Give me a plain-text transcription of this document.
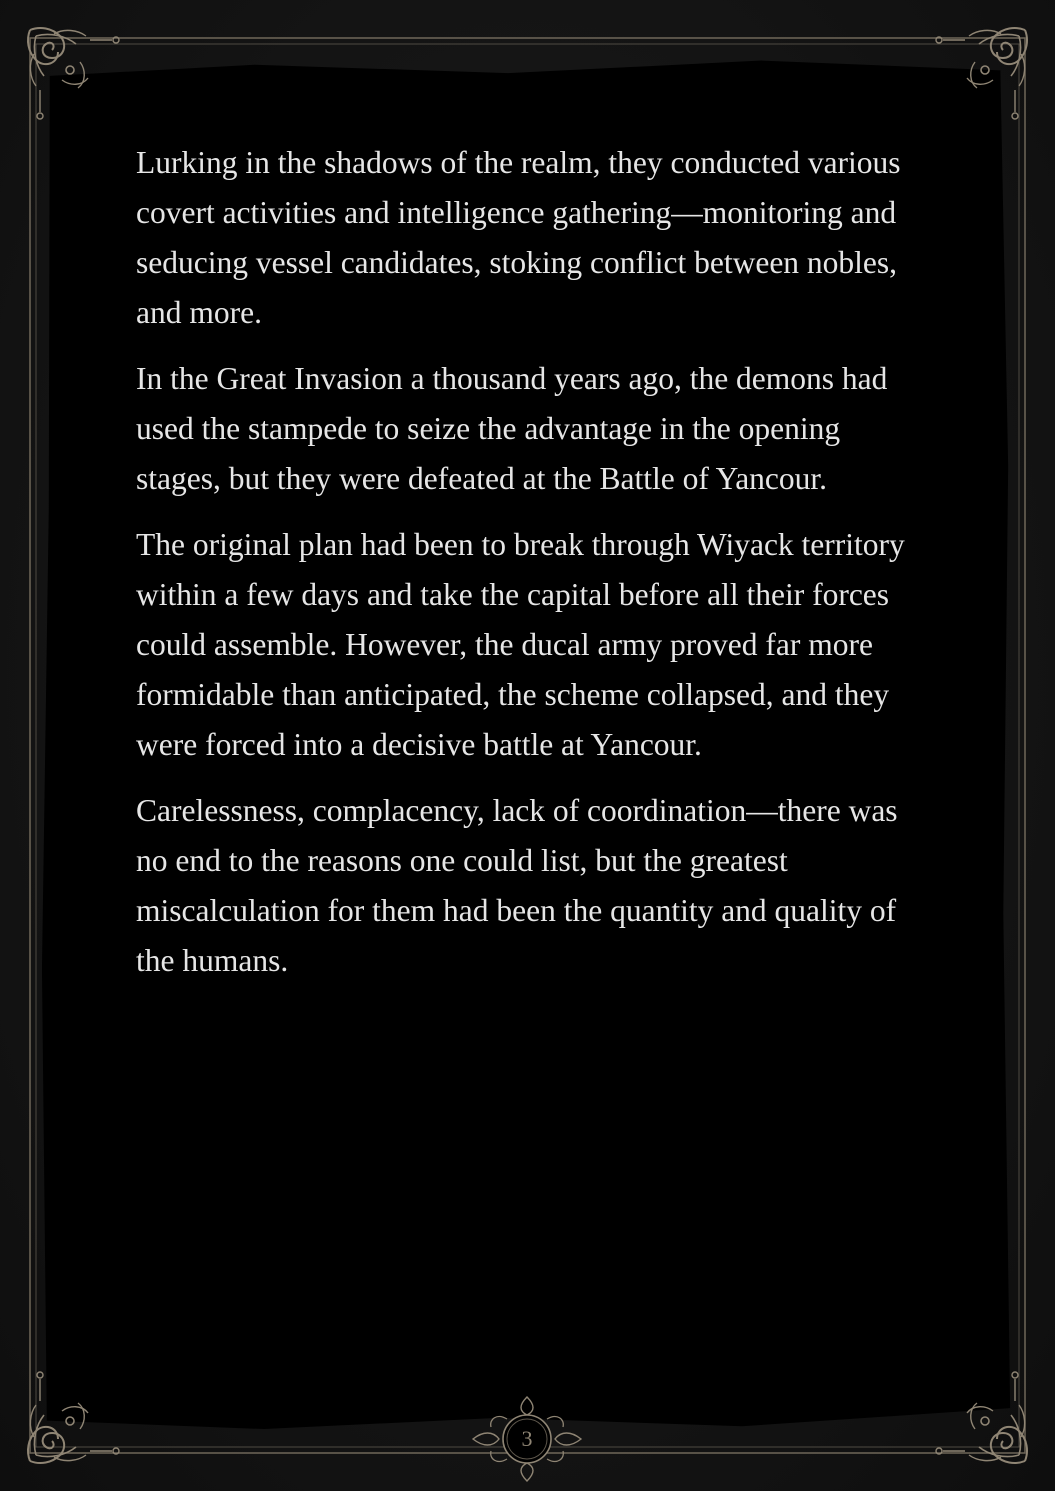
Lurking in the shadows of the realm, they conducted various covert activities and intelligence gathering—monitoring and seducing vessel candidates, stoking conflict between nobles, and more.

In the Great Invasion a thousand years ago, the demons had used the stampede to seize the advantage in the opening stages, but they were defeated at the Battle of Yancour.

The original plan had been to break through Wiyack territory within a few days and take the capital before all their forces could assemble. However, the ducal army proved far more formidable than anticipated, the scheme collapsed, and they were forced into a decisive battle at Yancour.

Carelessness, complacency, lack of coordination—there was no end to the reasons one could list, but the greatest miscalculation for them had been the quantity and quality of the humans.

3
